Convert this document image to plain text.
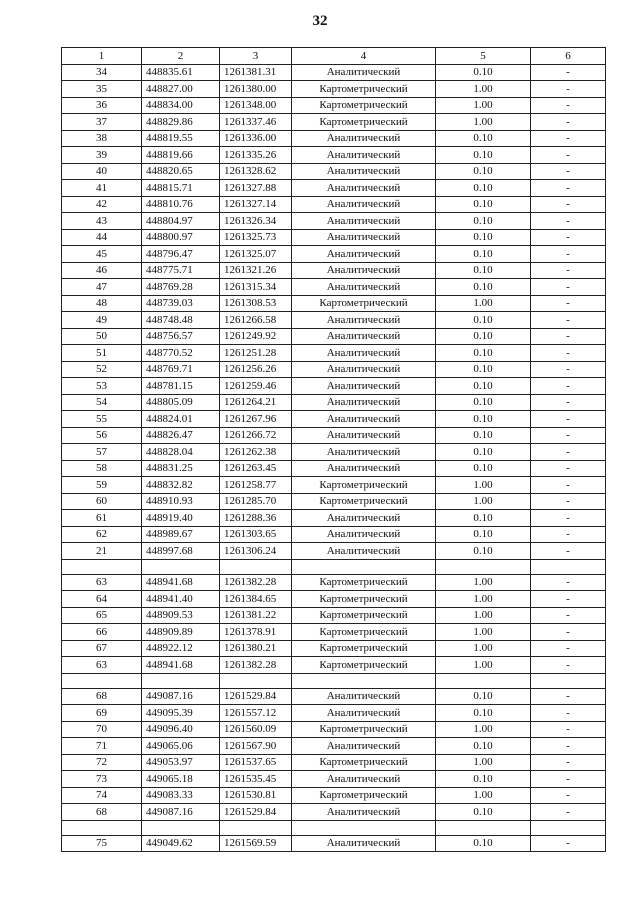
32
1	2	3	4	5	6
34	448835.61	1261381.31	Аналитический	0.10	-
35	448827.00	1261380.00	Картометрический	1.00	-
36	448834.00	1261348.00	Картометрический	1.00	-
37	448829.86	1261337.46	Картометрический	1.00	-
38	448819.55	1261336.00	Аналитический	0.10	-
39	448819.66	1261335.26	Аналитический	0.10	-
40	448820.65	1261328.62	Аналитический	0.10	-
41	448815.71	1261327.88	Аналитический	0.10	-
42	448810.76	1261327.14	Аналитический	0.10	-
43	448804.97	1261326.34	Аналитический	0.10	-
44	448800.97	1261325.73	Аналитический	0.10	-
45	448796.47	1261325.07	Аналитический	0.10	-
46	448775.71	1261321.26	Аналитический	0.10	-
47	448769.28	1261315.34	Аналитический	0.10	-
48	448739.03	1261308.53	Картометрический	1.00	-
49	448748.48	1261266.58	Аналитический	0.10	-
50	448756.57	1261249.92	Аналитический	0.10	-
51	448770.52	1261251.28	Аналитический	0.10	-
52	448769.71	1261256.26	Аналитический	0.10	-
53	448781.15	1261259.46	Аналитический	0.10	-
54	448805.09	1261264.21	Аналитический	0.10	-
55	448824.01	1261267.96	Аналитический	0.10	-
56	448826.47	1261266.72	Аналитический	0.10	-
57	448828.04	1261262.38	Аналитический	0.10	-
58	448831.25	1261263.45	Аналитический	0.10	-
59	448832.82	1261258.77	Картометрический	1.00	-
60	448910.93	1261285.70	Картометрический	1.00	-
61	448919.40	1261288.36	Аналитический	0.10	-
62	448989.67	1261303.65	Аналитический	0.10	-
21	448997.68	1261306.24	Аналитический	0.10	-

63	448941.68	1261382.28	Картометрический	1.00	-
64	448941.40	1261384.65	Картометрический	1.00	-
65	448909.53	1261381.22	Картометрический	1.00	-
66	448909.89	1261378.91	Картометрический	1.00	-
67	448922.12	1261380.21	Картометрический	1.00	-
63	448941.68	1261382.28	Картометрический	1.00	-

68	449087.16	1261529.84	Аналитический	0.10	-
69	449095.39	1261557.12	Аналитический	0.10	-
70	449096.40	1261560.09	Картометрический	1.00	-
71	449065.06	1261567.90	Аналитический	0.10	-
72	449053.97	1261537.65	Картометрический	1.00	-
73	449065.18	1261535.45	Аналитический	0.10	-
74	449083.33	1261530.81	Картометрический	1.00	-
68	449087.16	1261529.84	Аналитический	0.10	-

75	449049.62	1261569.59	Аналитический	0.10	-
